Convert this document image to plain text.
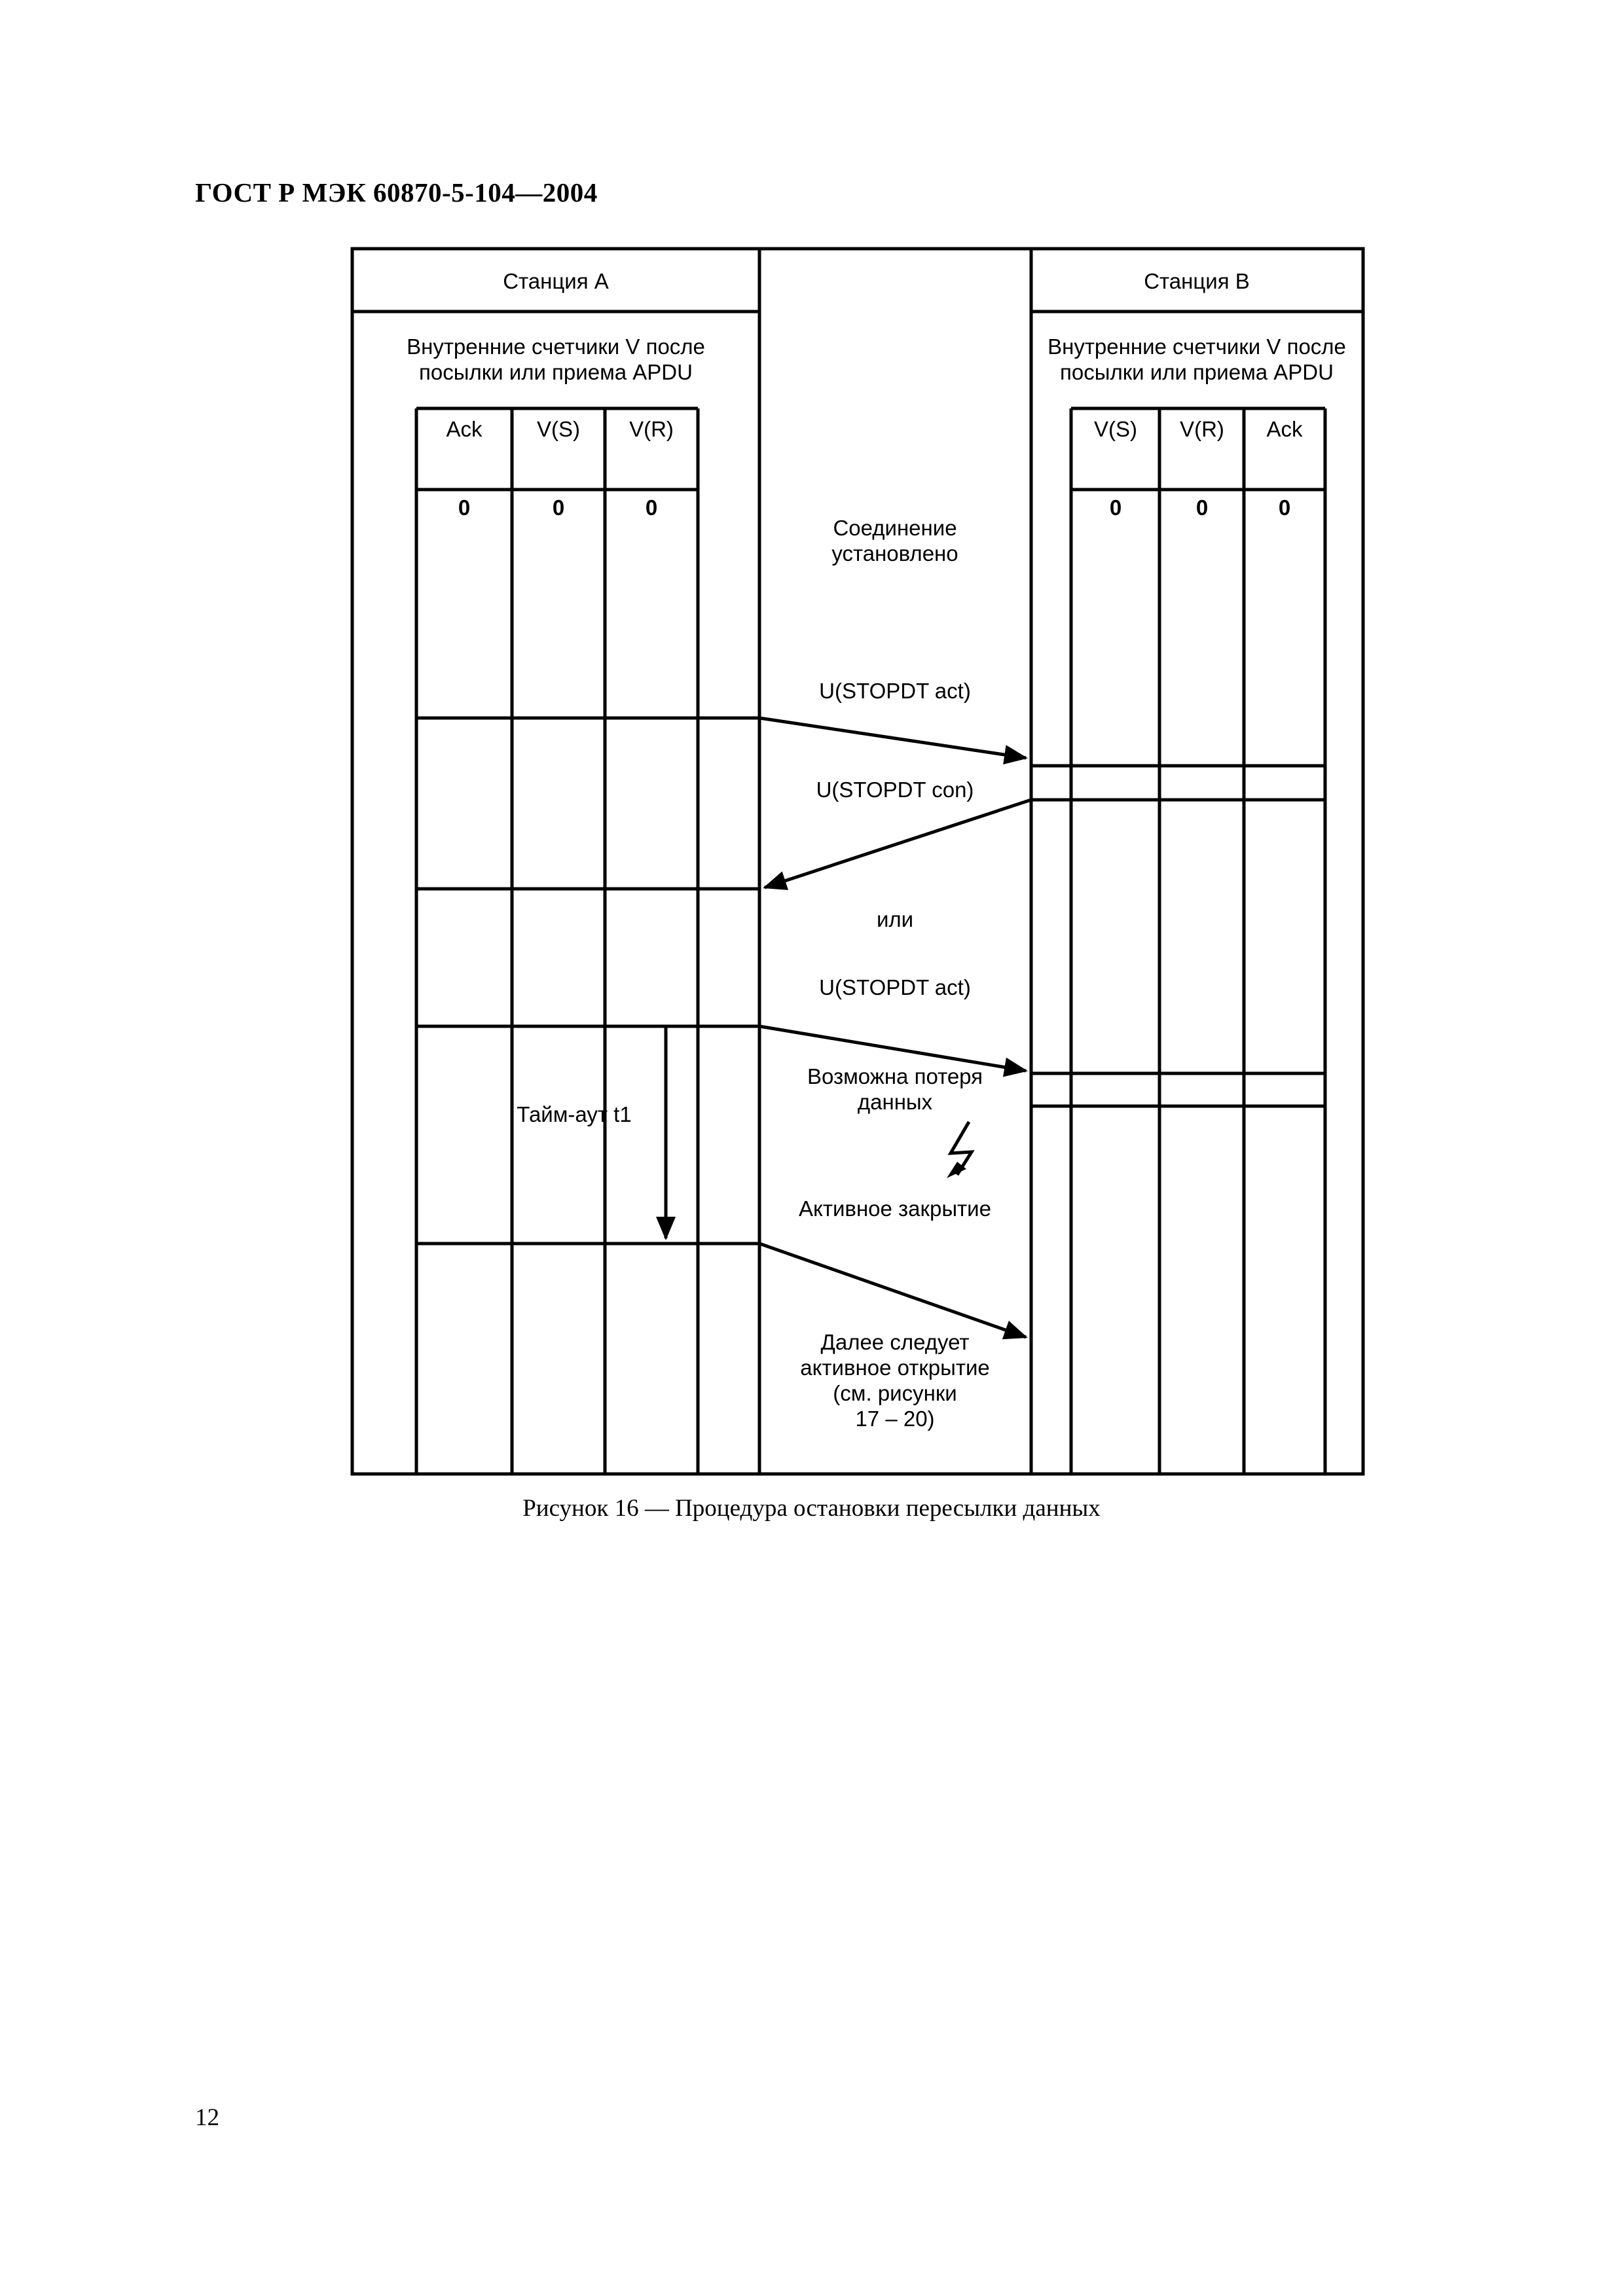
ГОСТ Р МЭК 60870-5-104—2004
Станция А
Внутренние счетчики V после
посылки или приема APDU
Ack	V(S) V(R)
0	0	0
Станция В
Внутренние счетчики V после
посылки или приема APDU
V(S) V(R) Ack
0	0	0
Соединение
установлено
U(STOPDT act)
U(STOPDT con)
или
U(STOPDT act)
Возможна потеря
данных
Тайм-аут t1
Активное закрытие
Далее следует
активное открытие
(см. рисунки
17 – 20)
Рисунок 16 — Процедура остановки пересылки данных
12
